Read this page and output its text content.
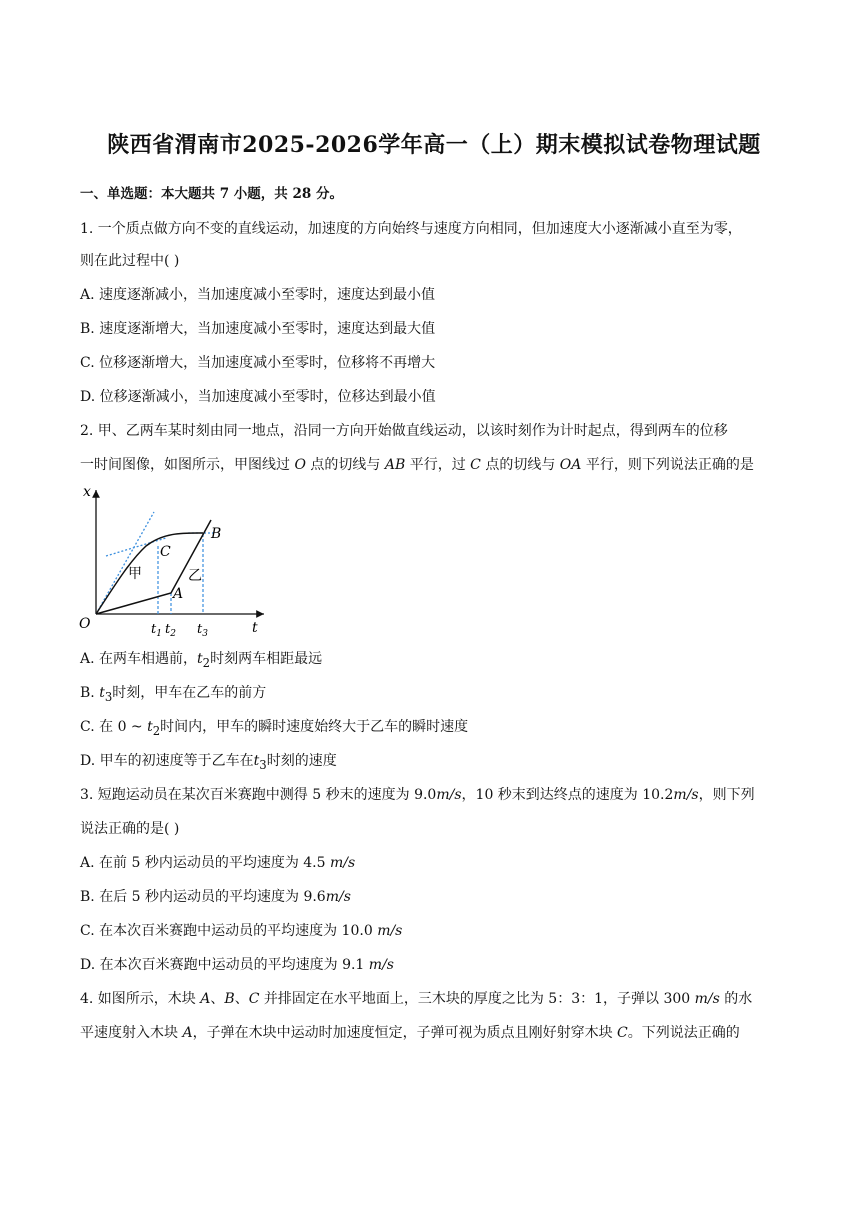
陕西省渭南市2025-2026学年高一（上）期末模拟试卷物理试题
一、单选题：本大题共 7 小题，共 28 分。
1. 一个质点做方向不变的直线运动，加速度的方向始终与速度方向相同，但加速度大小逐渐减小直至为零，
则在此过程中( )
A. 速度逐渐减小，当加速度减小至零时，速度达到最小值
B. 速度逐渐增大，当加速度减小至零时，速度达到最大值
C. 位移逐渐增大，当加速度减小至零时，位移将不再增大
D. 位移逐渐减小，当加速度减小至零时，位移达到最小值
2. 甲、乙两车某时刻由同一地点，沿同一方向开始做直线运动，以该时刻作为计时起点，得到两车的位移
一时间图像，如图所示，甲图线过 O 点的切线与 AB 平行，过 C 点的切线与 OA 平行，则下列说法正确的是
x
t
O
甲	乙
A
B
C
$t_1$ $t_2$ $t_3$
A. 在两车相遇前，$t_2$时刻两车相距最远
B. $t_3$时刻，甲车在乙车的前方
C. 在 0 ~ $t_2$时间内，甲车的瞬时速度始终大于乙车的瞬时速度
D. 甲车的初速度等于乙车在$t_3$时刻的速度
3. 短跑运动员在某次百米赛跑中测得 5 秒末的速度为 9.0m/s，10 秒末到达终点的速度为 10.2m/s，则下列
说法正确的是( )
A. 在前 5 秒内运动员的平均速度为 4.5 m/s
B. 在后 5 秒内运动员的平均速度为 9.6m/s
C. 在本次百米赛跑中运动员的平均速度为 10.0 m/s
D. 在本次百米赛跑中运动员的平均速度为 9.1 m/s
4. 如图所示，木块 A、B、C 并排固定在水平地面上，三木块的厚度之比为 5：3：1，子弹以 300 m/s 的水
平速度射入木块 A，子弹在木块中运动时加速度恒定，子弹可视为质点且刚好射穿木块 C。下列说法正确的
